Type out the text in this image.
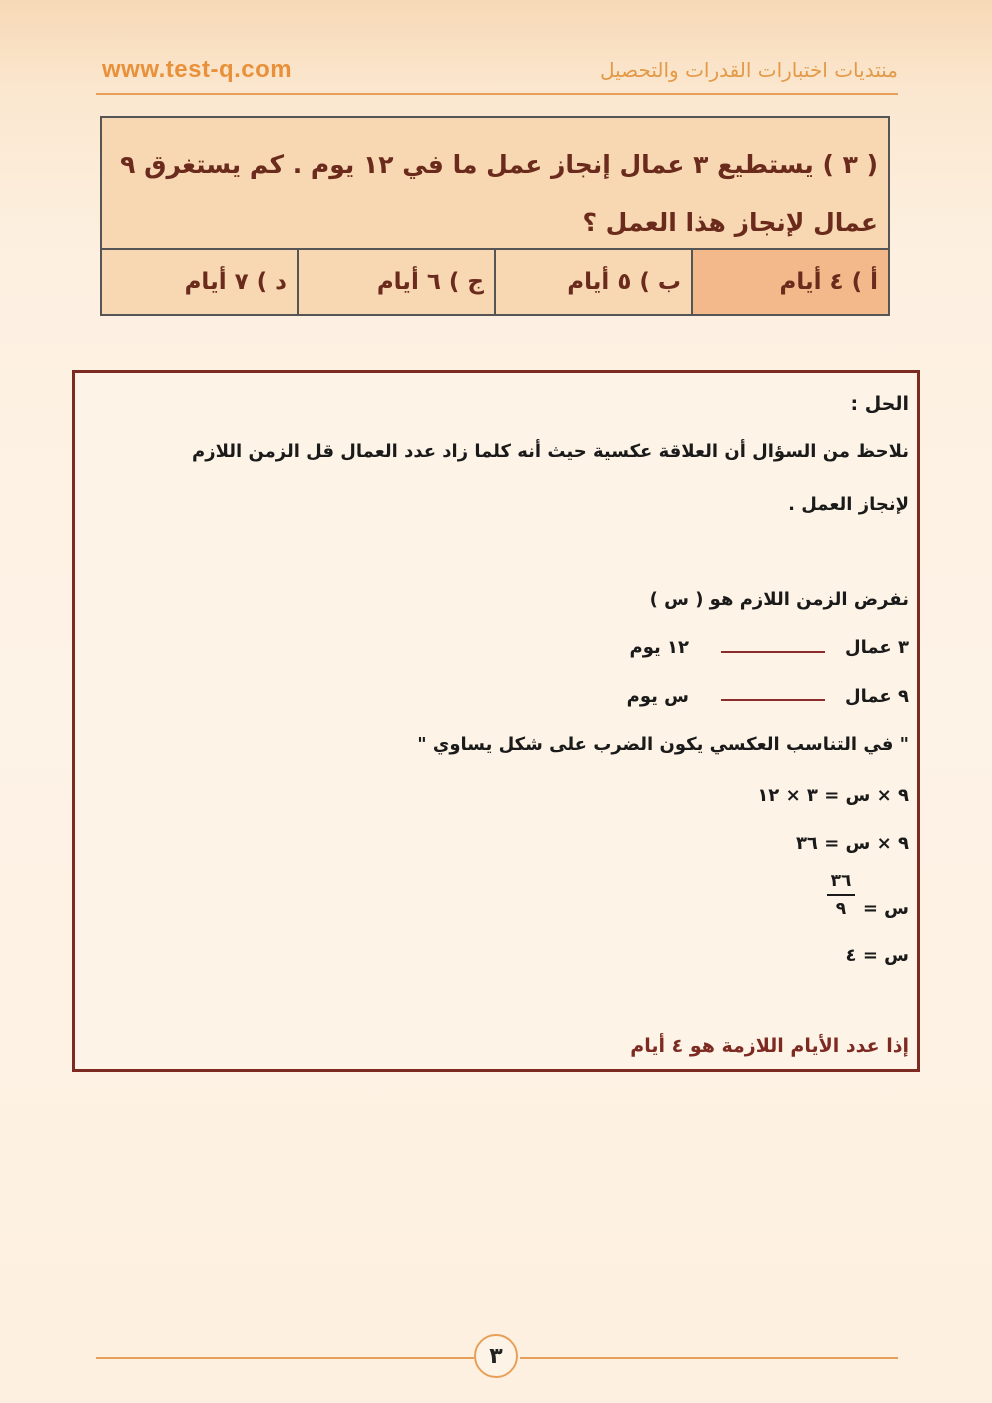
www.test-q.com	منتديات اختبارات القدرات والتحصيل
( ٣ ) يستطيع ٣ عمال إنجاز عمل ما في ١٢ يوم . كم يستغرق ٩ عمال لإنجاز هذا العمل ؟
أ ) ٤ أيام
ب ) ٥ أيام
ج ) ٦ أيام
د ) ٧ أيام
الحل :
نلاحظ من السؤال أن العلاقة عكسية حيث أنه كلما زاد عدد العمال قل الزمن اللازم
لإنجاز العمل .
نفرض الزمن اللازم هو ( س )
٣ عمال
١٢ يوم
٩ عمال
س يوم
" في التناسب العكسي يكون الضرب على شكل يساوي "
٩ × س = ٣ × ١٢
٩ × س = ٣٦
س =
٣٦
٩
س = ٤
إذا عدد الأيام اللازمة هو ٤ أيام
٣
